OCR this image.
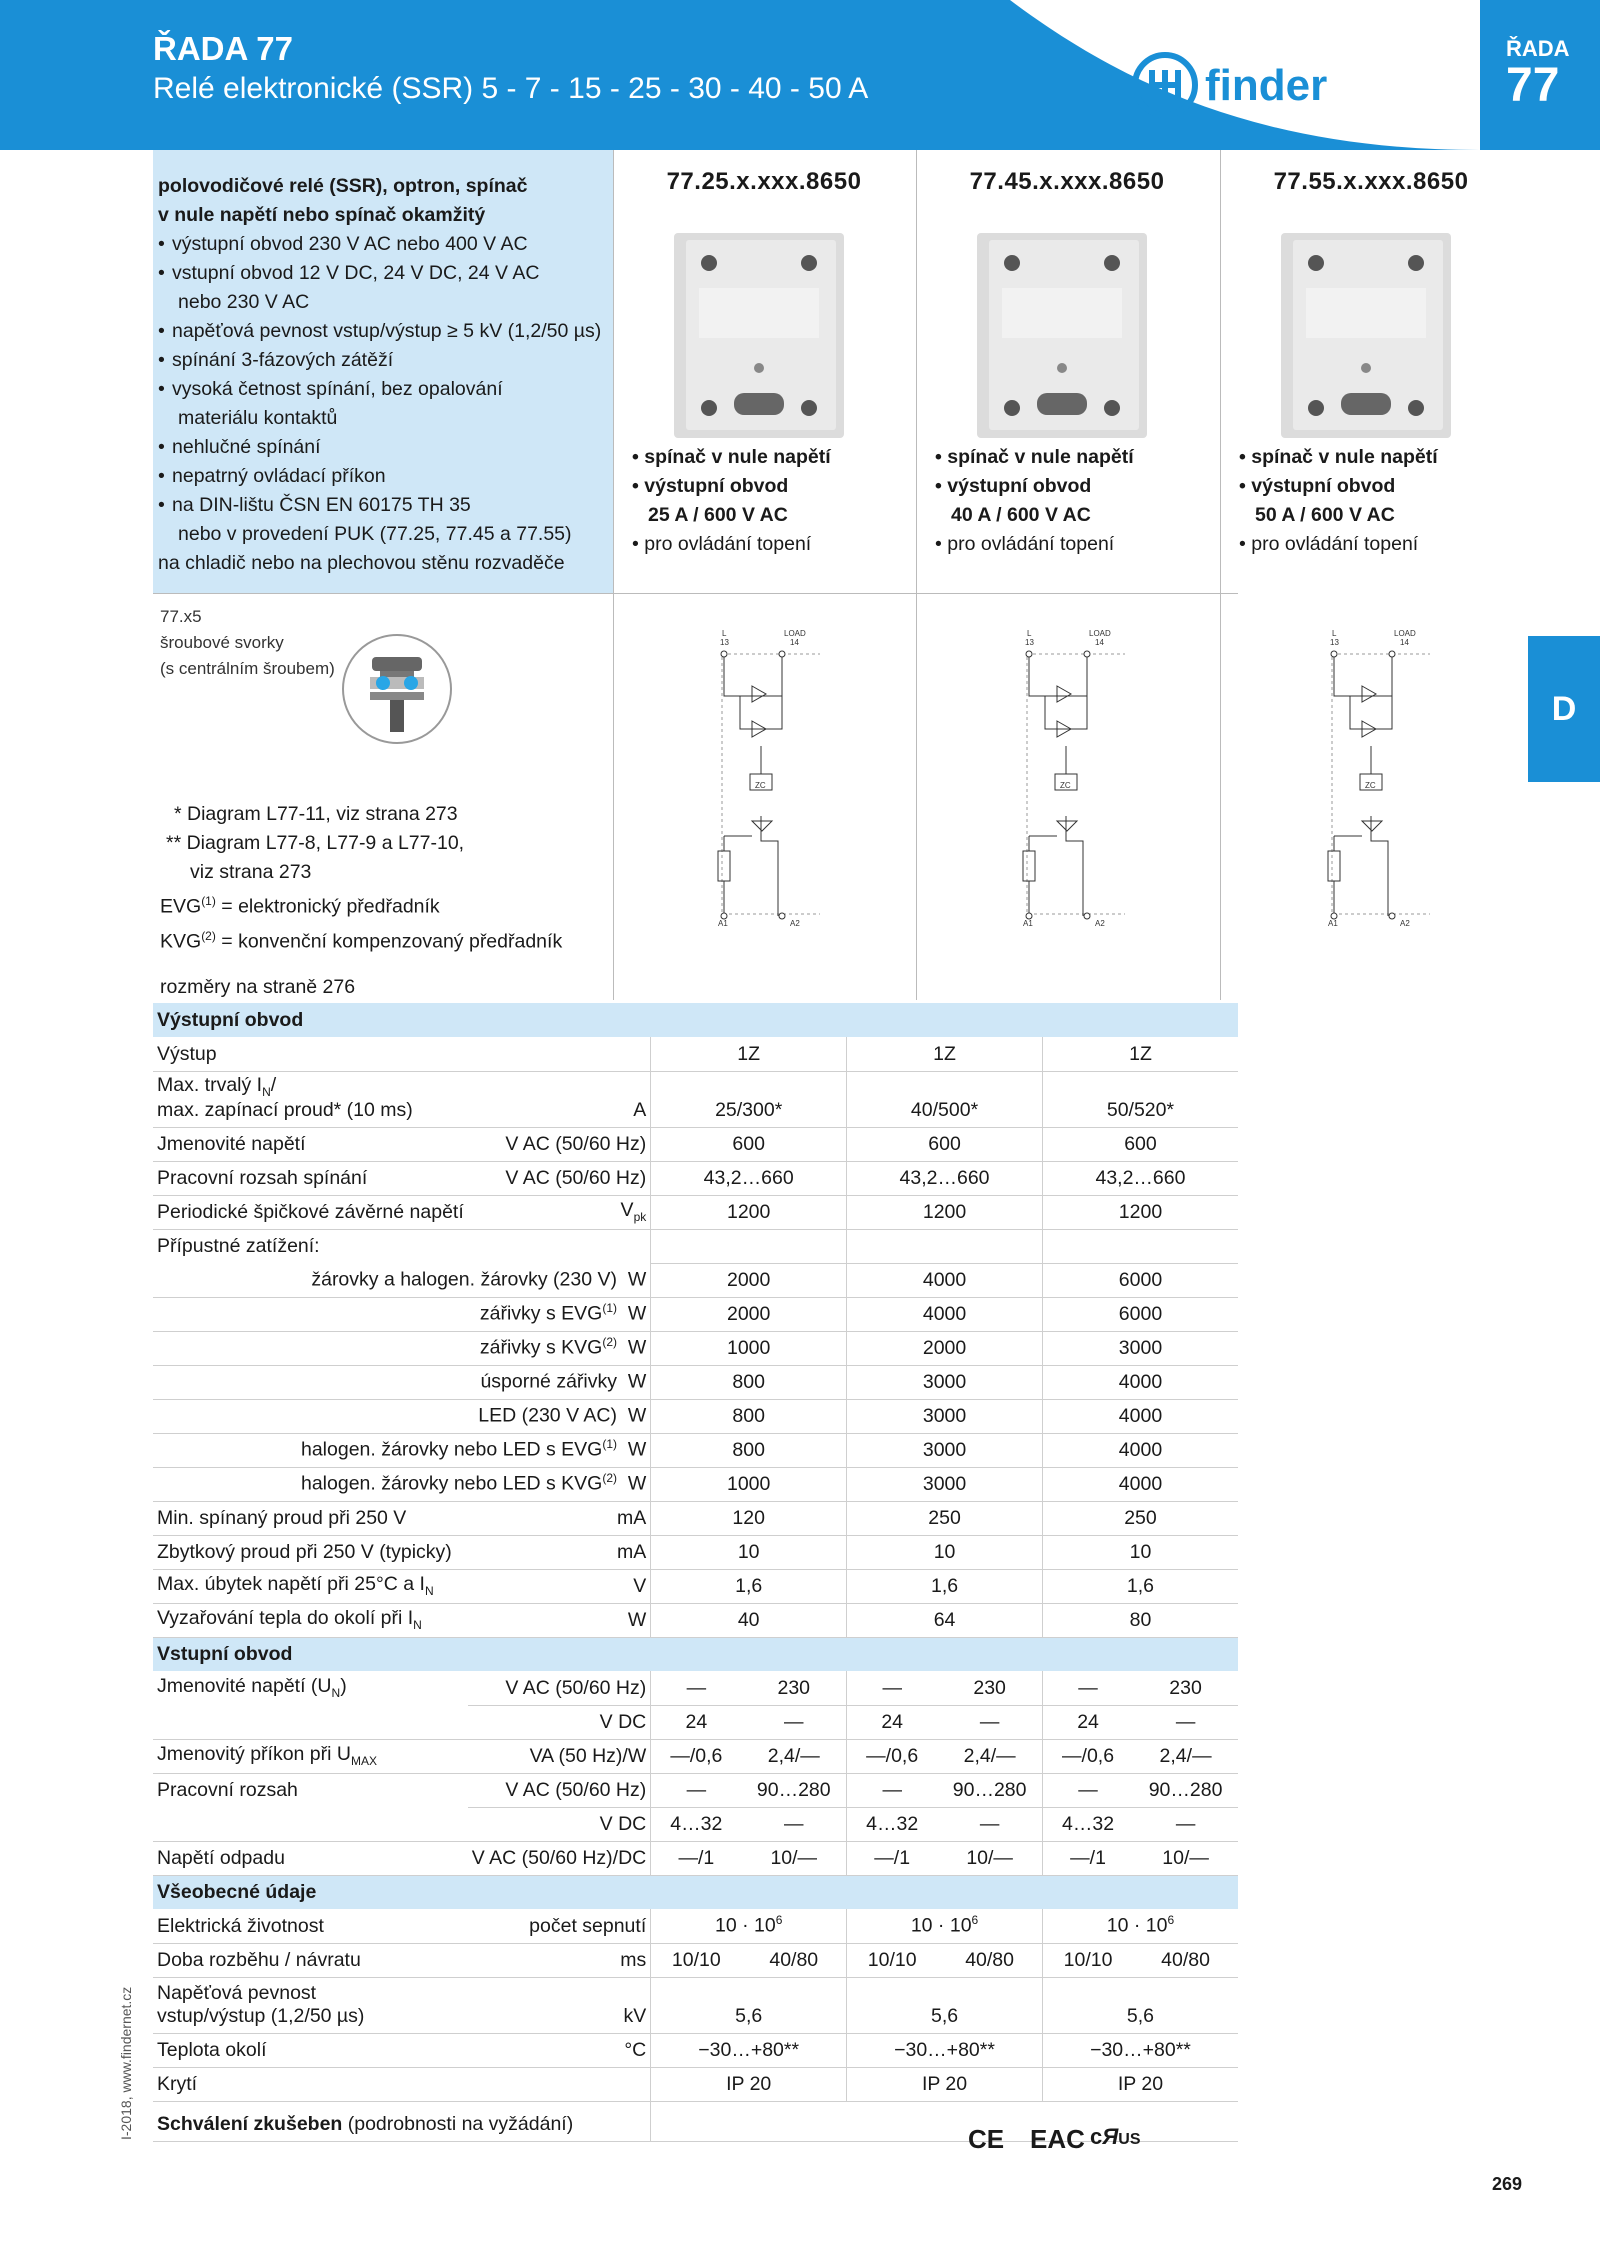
ŘADA 77
Relé elektronické (SSR) 5 - 7 - 15 - 25 - 30 - 40 - 50 A	finder
ŘADA
77
D
polovodičové relé (SSR), optron, spínač
v nule napětí nebo spínač okamžitý
• výstupní obvod 230 V AC nebo 400 V AC
• vstupní obvod 12 V DC, 24 V DC, 24 V AC
nebo 230 V AC
• napěťová pevnost vstup/výstup ≥ 5 kV (1,2/50 µs)
• spínání 3-fázových zátěží
• vysoká četnost spínání, bez opalování
materiálu kontaktů
• nehlučné spínání
• nepatrný ovládací příkon
• na DIN-lištu ČSN EN 60175 TH 35
nebo v provedení PUK (77.25, 77.45 a 77.55)
na chladič nebo na plechovou stěnu rozvaděče
77.25.x.xxx.8650
• spínač v nule napětí
• výstupní obvod
25 A / 600 V AC
• pro ovládání topení
77.45.x.xxx.8650
• spínač v nule napětí
• výstupní obvod
40 A / 600 V AC
• pro ovládání topení
77.55.x.xxx.8650
• spínač v nule napětí
• výstupní obvod
50 A / 600 V AC
• pro ovládání topení
77.x5
šroubové svorky
(s centrálním šroubem)
L
13
LOAD
14
ZC
A1	A2
L
13
LOAD
14
ZC
A1	A2
L
13
LOAD
14
ZC
A1	A2
* Diagram L77-11, viz strana 273
** Diagram L77-8, L77-9 a L77-10,
viz strana 273
$EVG^{(1)}$ = elektronický předřadník
$KVG^{(2)}$ = konvenční kompenzovaný předřadník
rozměry na straně 276
Výstupní obvod							
Výstup		1Z		1Z		1Z	

Max. trvalý $I_N/$
max. zapínací proud* (10 ms)	A	25/300*		40/500*		50/520*	
Jmenovité napětí	V AC (50/60 Hz)	600		600		600	
Pracovní rozsah spínání	V AC (50/60 Hz)	43,2…660		43,2…660		43,2…660	
Periodické špičkové závěrné napětí	$V_{pk}$	1200		1200		1200	
Přípustné zatížení:							
žárovky a halogen. žárovky (230 V) W		2000		4000		6000	
zářivky s EVG$^{(1)}$ W		2000		4000		6000	
zářivky s KVG$^{(2)}$ W		1000		2000		3000	
úsporné zářivky W		800		3000		4000	
LED (230 V AC) W		800		3000		4000	
halogen. žárovky nebo LED s EVG$^{(1)}$ W		800		3000		4000	
halogen. žárovky nebo LED s KVG$^{(2)}$ W		1000		3000		4000	
Min. spínaný proud při 250 V	mA	120		250		250	
Zbytkový proud při 250 V (typicky)	mA	10		10		10	
Max. úbytek napětí při 25°C a $I_N$	V	1,6		1,6		1,6	
Vyzařování tepla do okolí při $I_N$	W	40		64		80	
Vstupní obvod							
Jmenovité napětí $(U_N)$	V AC (50/60 Hz)	—	230	—	230	—	230
	V DC	24	—	24	—	24	—
Jmenovitý příkon při $U_{MAX}$	VA (50 Hz)/W	—/0,6	2,4/—	—/0,6	2,4/—	—/0,6	2,4/—
Pracovní rozsah	V AC (50/60 Hz)	—	90…280	—	90…280	—	90…280
	V DC	4…32	—	4…32	—	4…32	—
Napětí odpadu	V AC (50/60 Hz)/DC	—/1	10/—	—/1	10/—	—/1	10/—
Všeobecné údaje							
Elektrická životnost	počet sepnutí	$10 \cdot 10^6$		$10 \cdot 10^6$		$10 \cdot 10^6$
Doba rozběhu / návratu	ms	10/10	40/80	10/10	40/80	10/10	40/80

Napěťová pevnost
vstup/výstup (1,2/50 µs)	kV	5,6		5,6		5,6	
Teplota okolí	°C	−30…+80**		−30…+80**		−30…+80**	
Krytí		IP 20		IP 20		IP 20	
Schválení zkušeben (podrobnosti na vyžádání)							
CE EAC cЯUS
I-2018, www.findernet.cz
269
